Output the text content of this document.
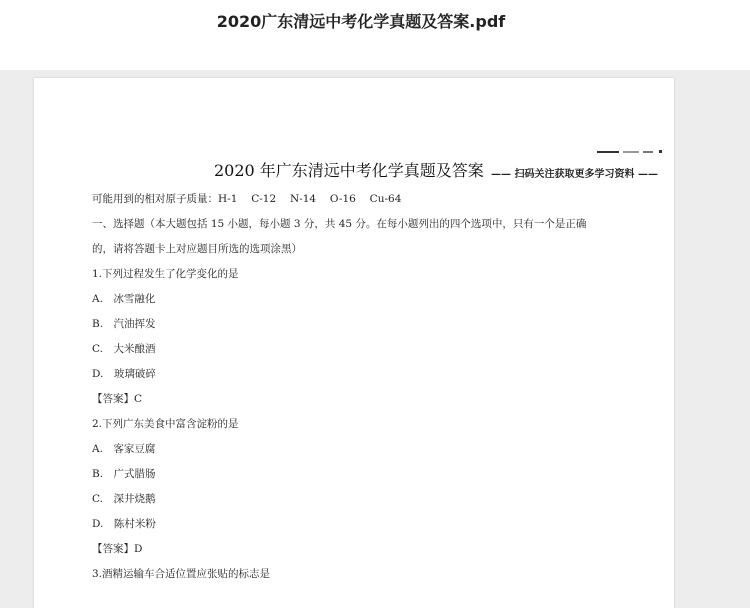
2020广东清远中考化学真题及答案.pdf
2020 年广东清远中考化学真题及答案 —— 扫码关注获取更多学习资料 ——
可能用到的相对原子质量：H-1　 C-12　 N-14　 O-16　 Cu-64
一、选择题（本大题包括 15 小题，每小题 3 分，共 45 分。在每小题列出的四个选项中，只有一个是正确
的，请将答题卡上对应题目所选的选项涂黑）
1.下列过程发生了化学变化的是
A.　冰雪融化
B.　汽油挥发
C.　大米酿酒
D.　玻璃破碎
【答案】C
2.下列广东美食中富含淀粉的是
A.　客家豆腐
B.　广式腊肠
C.　深井烧鹅
D.　陈村米粉
【答案】D
3.酒精运输车合适位置应张贴的标志是
